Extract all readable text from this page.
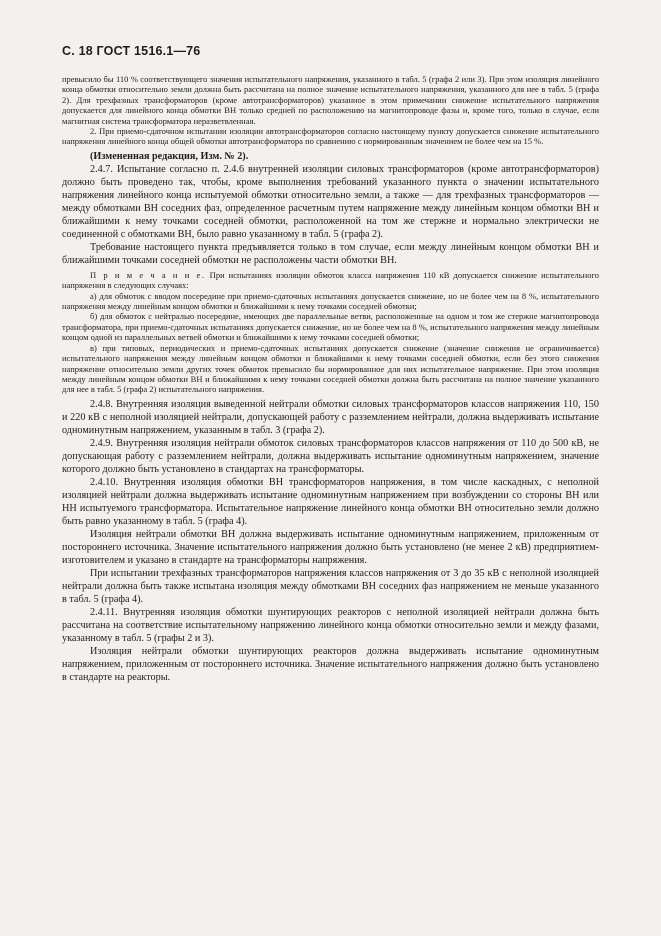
С. 18 ГОСТ 1516.1—76

превысило бы 110 % соответствующего значения испытательного напряжения, указанного в табл. 5 (графа 2 или 3). При этом изоляция линейного конца обмотки относительно земли должна быть рассчитана на полное значение испытательного напряжения, указанного для нее в табл. 5 (графа 2). Для трехфазных трансформаторов (кроме автотрансформаторов) указанное в этом примечании снижение испытательного напряжения допускается для линейного конца обмотки ВН только средней по расположению на магнитопроводе фазы и, кроме того, только в случае, если магнитная система трансформатора неразветвленная.

2. При приемо-сдаточном испытании изоляции автотрансформаторов согласно настоящему пункту допускается снижение испытательного напряжения линейного конца общей обмотки автотрансформатора по сравнению с нормированным значением не более чем на 15 %.

(Измененная редакция, Изм. № 2).

2.4.7. Испытание согласно п. 2.4.6 внутренней изоляции силовых трансформаторов (кроме автотрансформаторов) должно быть проведено так, чтобы, кроме выполнения требований указанного пункта о значении испытательного напряжения линейного конца испытуемой обмотки относительно земли, а также — для трехфазных трансформаторов — между обмотками ВН соседних фаз, определенное расчетным путем напряжение между линейным концом обмотки ВН и ближайшими к нему точками соседней обмотки, расположенной на том же стержне и нормально электрически не соединенной с обмотками ВН, было равно указанному в табл. 5 (графа 2).

Требование настоящего пункта предъявляется только в том случае, если между линейным концом обмотки ВН и ближайшими точками соседней обмотки не расположены части обмотки ВН.

П р и м е ч а н и е. При испытаниях изоляции обмоток класса напряжения 110 кВ допускается снижение испытательного напряжения в следующих случаях:

а) для обмоток с вводом посередине при приемо-сдаточных испытаниях допускается снижение, но не более чем на 8 %, испытательного напряжения между линейным концом обмотки и ближайшими к нему точками соседней обмотки;

б) для обмоток с нейтралью посередине, имеющих две параллельные ветви, расположенные на одном и том же стержне магнитопровода трансформатора, при приемо-сдаточных испытаниях допускается снижение, но не более чем на 8 %, испытательного напряжения между линейным концом одной из параллельных ветвей обмотки и ближайшими к нему точками соседней обмотки;

в) при типовых, периодических и приемо-сдаточных испытаниях допускается снижение (значение снижения не ограничивается) испытательного напряжения между линейным концом обмотки и ближайшими к нему точками соседней обмотки, если без этого снижения напряжение относительно земли других точек обмоток превысило бы нормированное для них испытательное напряжение. При этом изоляция между линейным концом обмотки ВН и ближайшими к нему точками соседней обмотки должна быть рассчитана на полное значение указанного для нее в табл. 5 (графа 2) испытательного напряжения.

2.4.8. Внутренняя изоляция выведенной нейтрали обмотки силовых трансформаторов классов напряжения 110, 150 и 220 кВ с неполной изоляцией нейтрали, допускающей работу с разземлением нейтрали, должна выдерживать испытание одноминутным напряжением, указанным в табл. 3 (графа 2).

2.4.9. Внутренняя изоляция нейтрали обмоток силовых трансформаторов классов напряжения от 110 до 500 кВ, не допускающая работу с разземлением нейтрали, должна выдерживать испытание одноминутным напряжением, значение которого должно быть установлено в стандартах на трансформаторы.

2.4.10. Внутренняя изоляция обмотки ВН трансформаторов напряжения, в том числе каскадных, с неполной изоляцией нейтрали должна выдерживать испытание одноминутным напряжением при возбуждении со стороны ВН или НН испытуемого трансформатора. Испытательное напряжение линейного конца обмотки ВН относительно земли должно быть равно указанному в табл. 5 (графа 4).

Изоляция нейтрали обмотки ВН должна выдерживать испытание одноминутным напряжением, приложенным от постороннего источника. Значение испытательного напряжения должно быть установлено (не менее 2 кВ) предприятием-изготовителем и указано в стандарте на трансформаторы напряжения.

При испытании трехфазных трансформаторов напряжения классов напряжения от 3 до 35 кВ с неполной изоляцией нейтрали должна быть также испытана изоляция между обмотками ВН соседних фаз напряжением не меньше указанного в табл. 5 (графа 4).

2.4.11. Внутренняя изоляция обмотки шунтирующих реакторов с неполной изоляцией нейтрали должна быть рассчитана на соответствие испытательному напряжению линейного конца обмотки относительно земли и между фазами, указанному в табл. 5 (графы 2 и 3).

Изоляция нейтрали обмотки шунтирующих реакторов должна выдерживать испытание одноминутным напряжением, приложенным от постороннего источника. Значение испытательного напряжения должно быть установлено в стандарте на реакторы.
